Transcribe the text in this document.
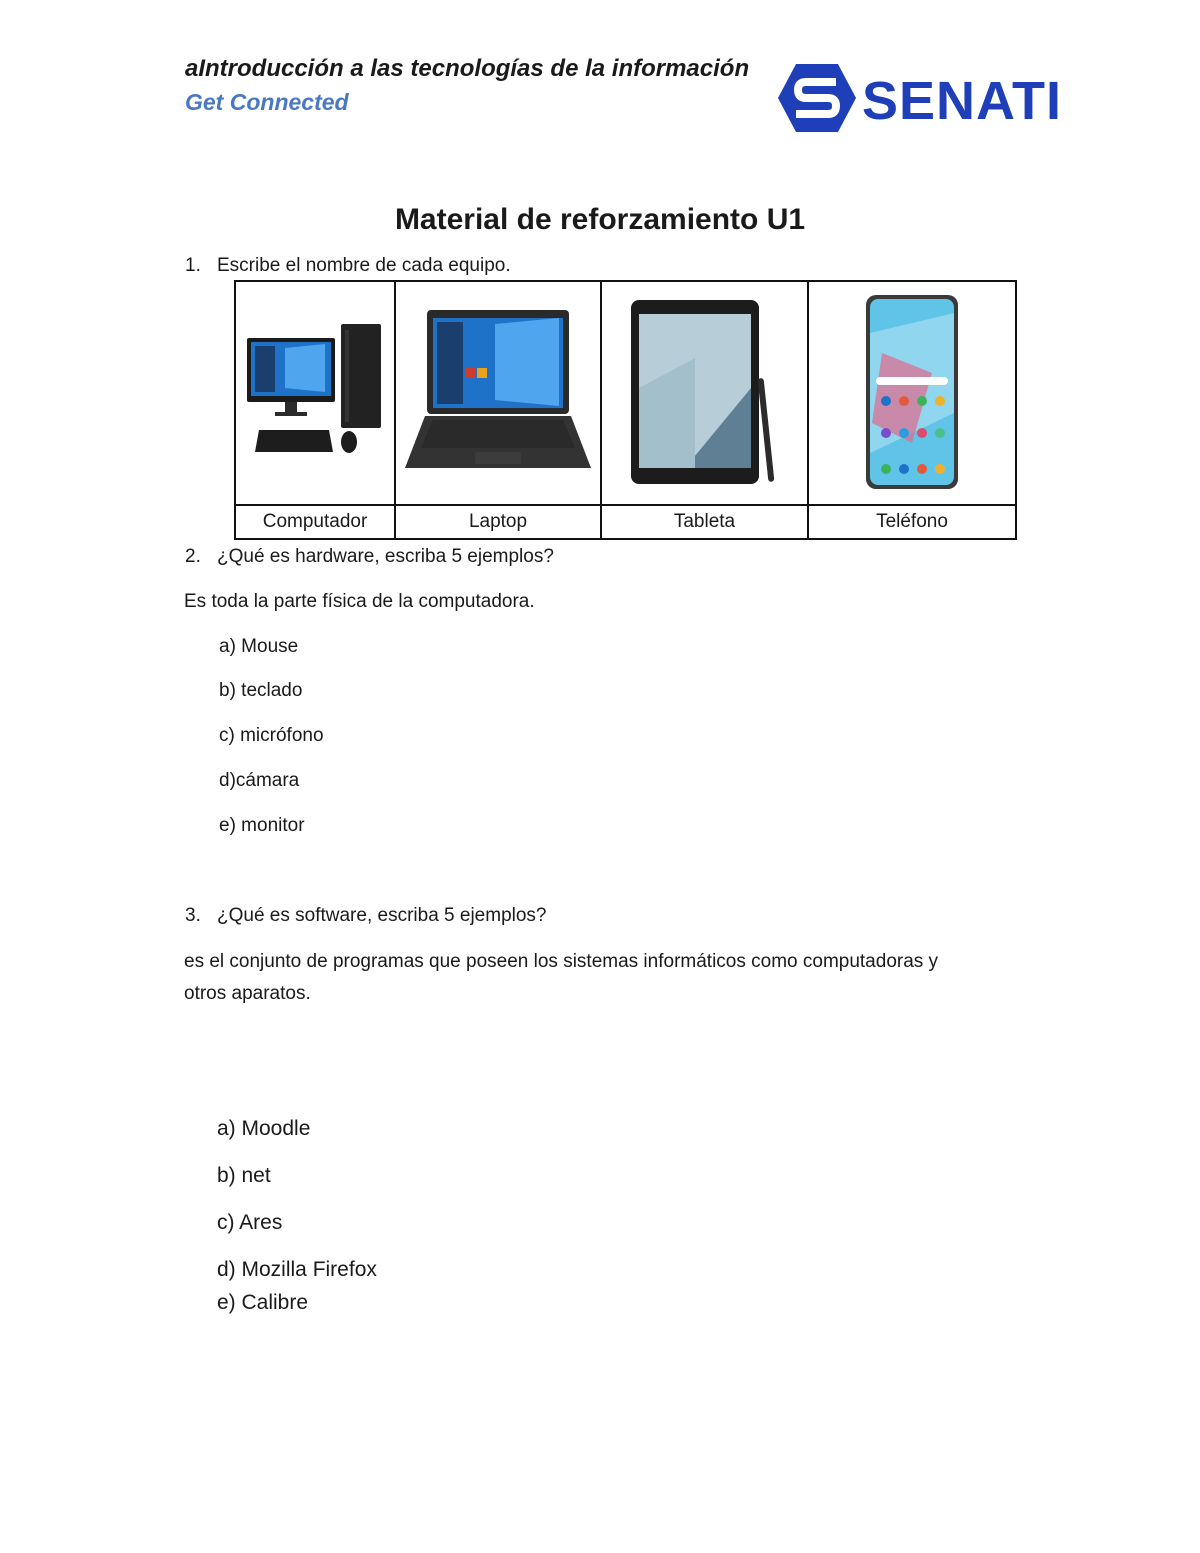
aIntroducción a las tecnologías de la información
Get Connected	SENATI
Material de reforzamiento U1
1. Escribe el nombre de cada equipo.

Computador	Laptop	Tableta	Teléfono
2. ¿Qué es hardware, escriba 5 ejemplos?
Es toda la parte física de la computadora.
a) Mouse
b) teclado
c) micrófono
d)cámara
e) monitor
3. ¿Qué es software, escriba 5 ejemplos?
es el conjunto de programas que poseen los sistemas informáticos como computadoras y
otros aparatos.
a) Moodle
b) net
c) Ares
d) Mozilla Firefox
e) Calibre
